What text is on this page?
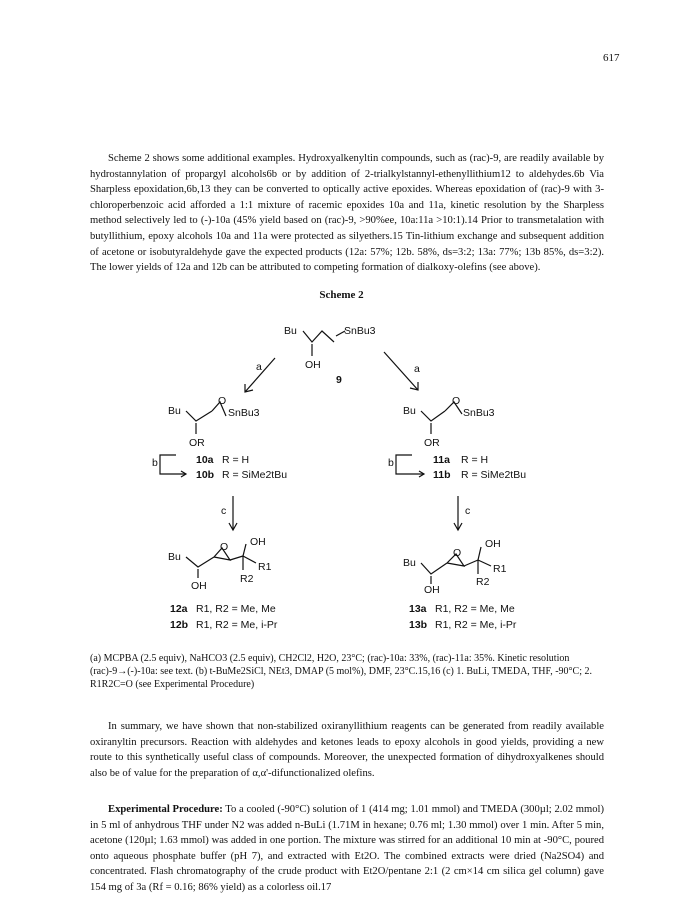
617

Scheme 2 shows some additional examples. Hydroxyalkenyltin compounds, such as (rac)-9, are readily available by hydrostannylation of propargyl alcohols6b or by addition of 2-trialkylstannyl-ethenyllithium12 to aldehydes.6b Via Sharpless epoxidation,6b,13 they can be converted to optically active epoxides. Whereas epoxidation of (rac)-9 with 3-chloroperbenzoic acid afforded a 1:1 mixture of racemic epoxides 10a and 11a, kinetic resolution by the Sharpless method selectively led to (-)-10a (45% yield based on (rac)-9, >90%ee, 10a:11a >10:1).14 Prior to transmetalation with butyllithium, epoxy alcohols 10a and 11a were protected as silyethers.15 Tin-lithium exchange and subsequent addition of acetone or isobutyraldehyde gave the expected products (12a: 57%; 12b. 58%, ds=3:2; 13a: 77%; 13b 85%, ds=3:2). The lower yields of 12a and 12b can be attributed to competing formation of dialkoxy-olefins (see above).

Scheme 2
Bu	SnBu3
OH
9
a	a
Bu
O
SnBu3
OR
b	10a R = H
10b R = SiMe2tBu
Bu
O
SnBu3
OR
b	11a R = H
11b R = SiMe2tBu
c	c
Bu
O OH
R1
R2
OH
12a R1, R2 = Me, Me
12b R1, R2 = Me, i-Pr
Bu
O
OH
R1
R2
OH
13a R1, R2 = Me, Me
13b R1, R2 = Me, i-Pr

(a) MCPBA (2.5 equiv), NaHCO3 (2.5 equiv), CH2Cl2, H2O, 23°C; (rac)-10a: 33%, (rac)-11a: 35%. Kinetic resolution (rac)-9→(-)-10a: see text. (b) t-BuMe2SiCl, NEt3, DMAP (5 mol%), DMF, 23°C.15,16 (c) 1. BuLi, TMEDA, THF, -90°C; 2. R1R2C=O (see Experimental Procedure)

In summary, we have shown that non-stabilized oxiranyllithium reagents can be generated from readily available oxiranyltin precursors. Reaction with aldehydes and ketones leads to epoxy alcohols in good yields, providing a new route to this synthetically useful class of compounds. Moreover, the unexpected formation of dihydroxyalkenes should also be of value for the preparation of α,α'-difunctionalized olefins.

Experimental Procedure: To a cooled (-90°C) solution of 1 (414 mg; 1.01 mmol) and TMEDA (300µl; 2.02 mmol) in 5 ml of anhydrous THF under N2 was added n-BuLi (1.71M in hexane; 0.76 ml; 1.30 mmol) over 1 min. After 5 min, acetone (120µl; 1.63 mmol) was added in one portion. The mixture was stirred for an additional 10 min at -90°C, poured onto aqueous phosphate buffer (pH 7), and extracted with Et2O. The combined extracts were dried (Na2SO4) and concentrated. Flash chromatography of the crude product with Et2O/pentane 2:1 (2 cm×14 cm silica gel column) gave 154 mg of 3a (Rf = 0.16; 86% yield) as a colorless oil.17
